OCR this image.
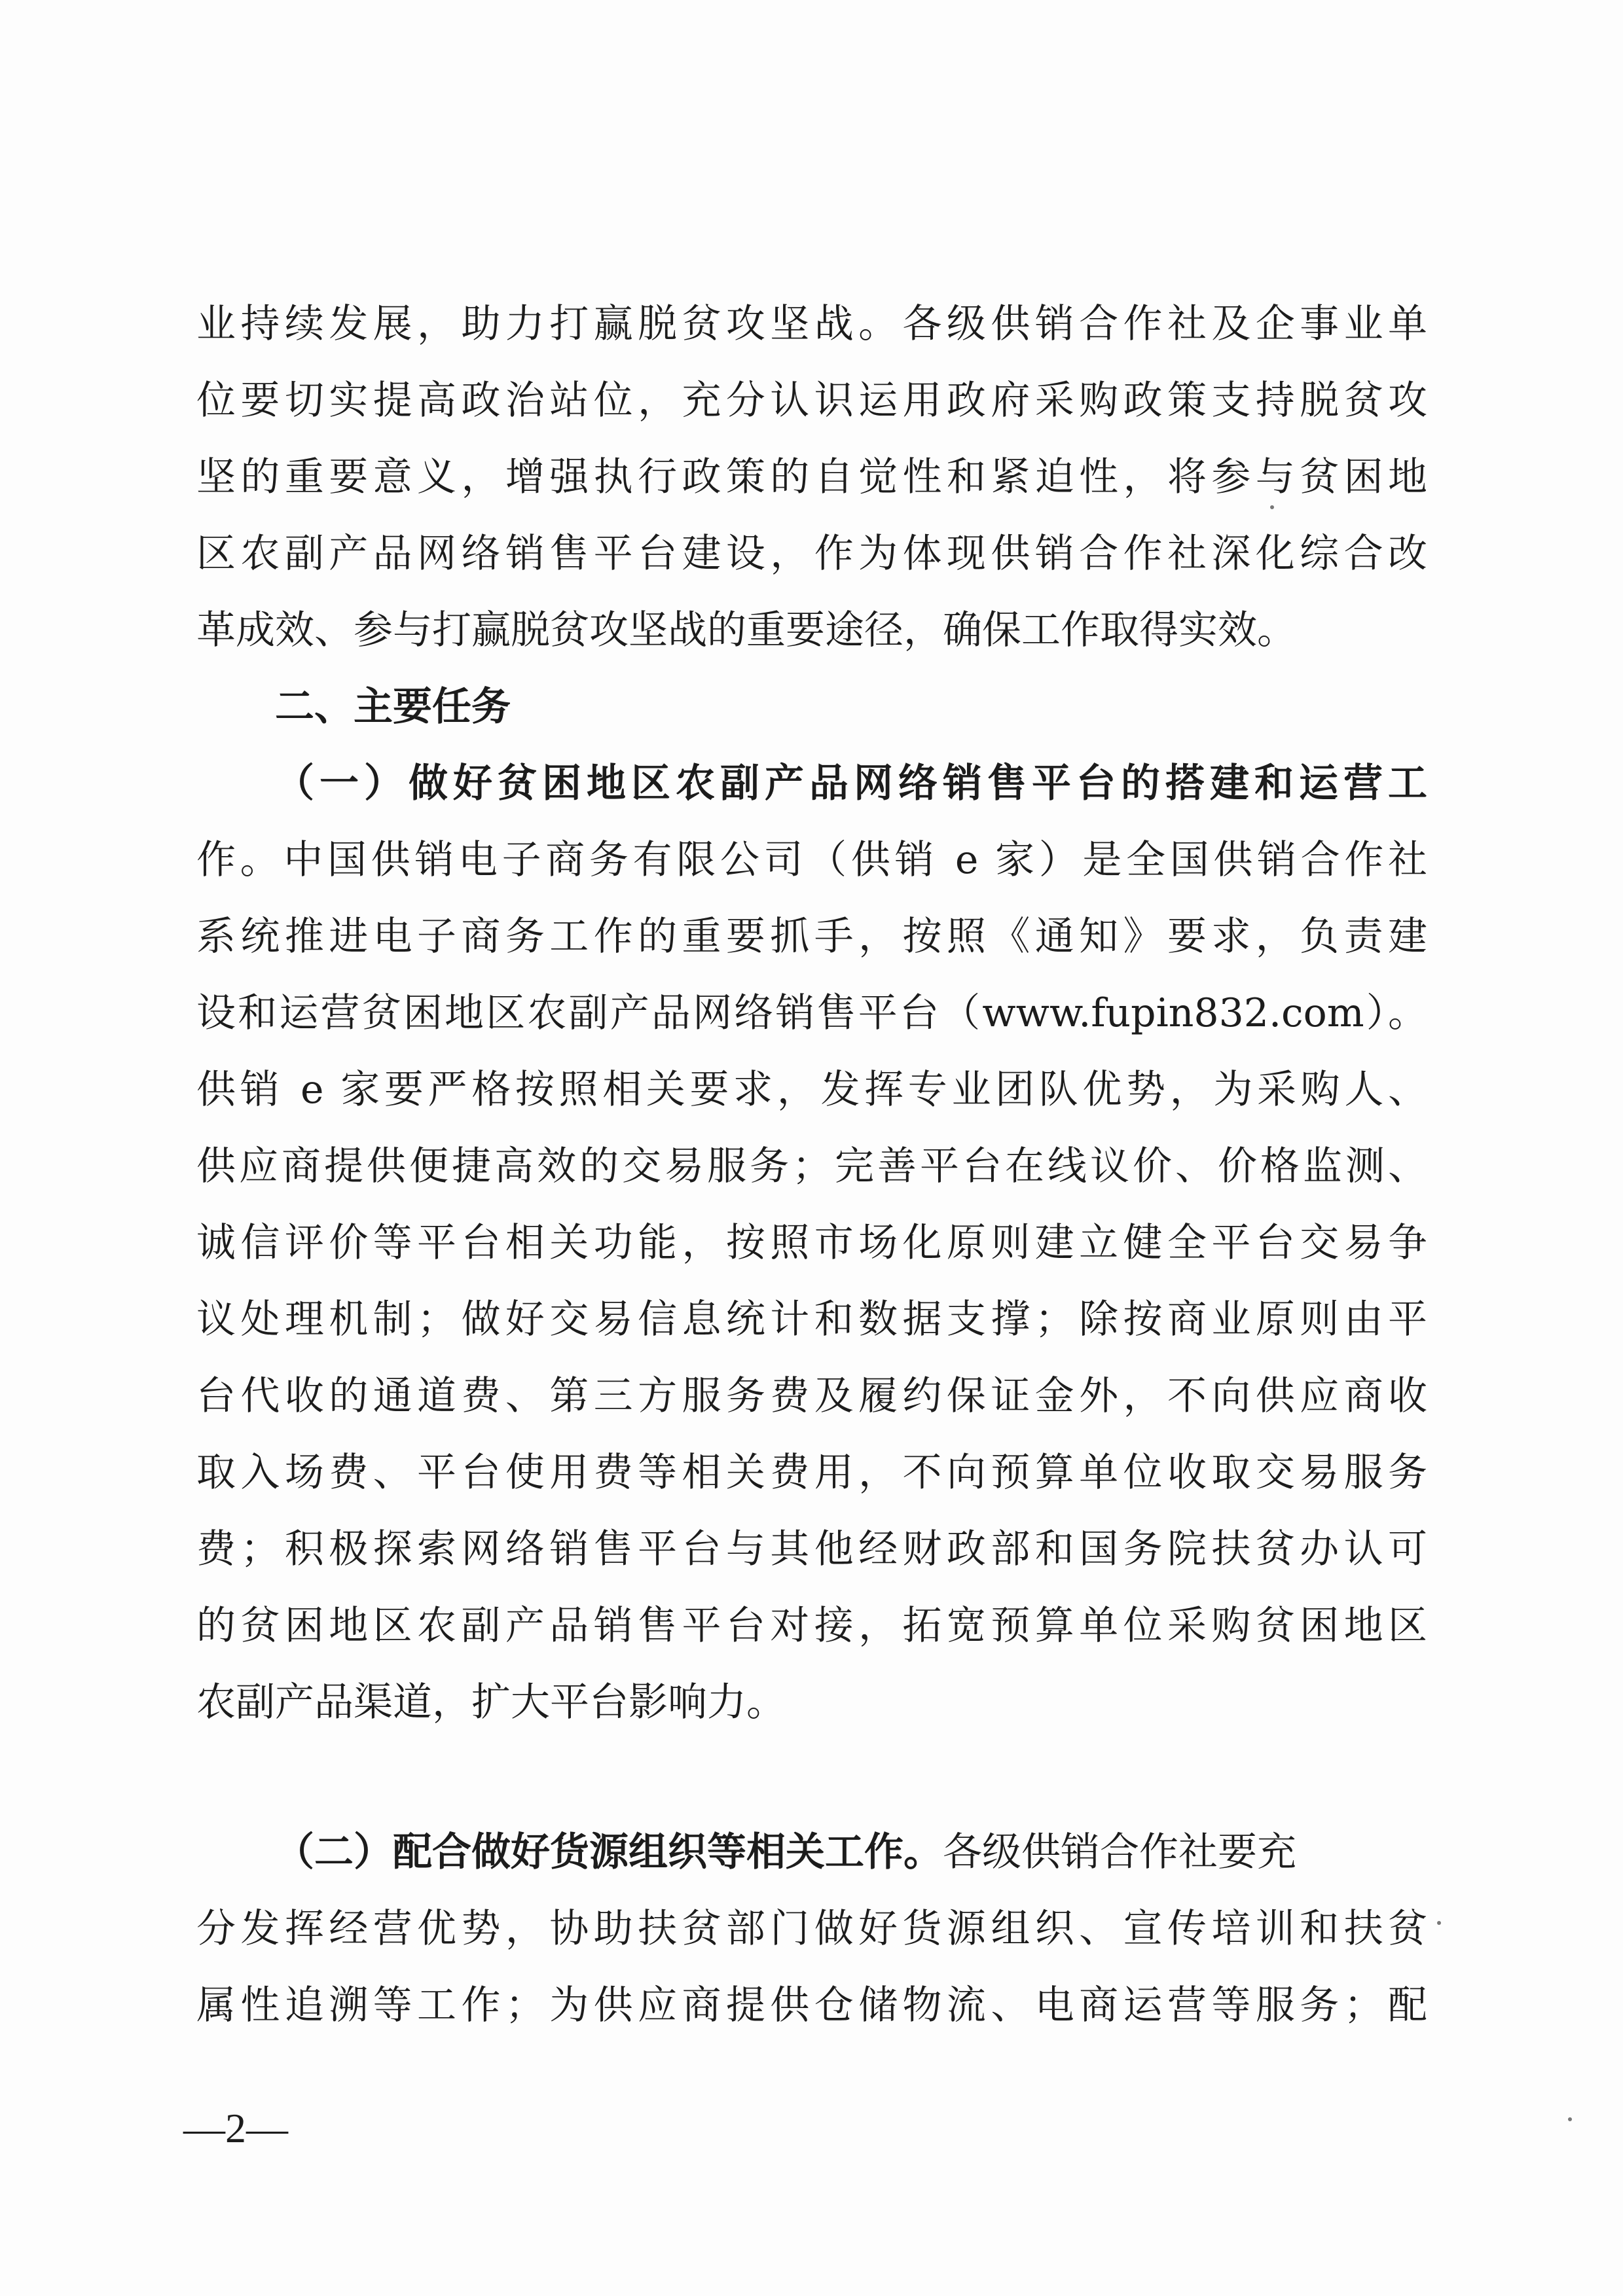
业持续发展，助力打赢脱贫攻坚战。各级供销合作社及企事业单
位要切实提高政治站位，充分认识运用政府采购政策支持脱贫攻
坚的重要意义，增强执行政策的自觉性和紧迫性，将参与贫困地
区农副产品网络销售平台建设，作为体现供销合作社深化综合改
革成效、参与打赢脱贫攻坚战的重要途径，确保工作取得实效。
二、主要任务
（一）做好贫困地区农副产品网络销售平台的搭建和运营工
作。中国供销电子商务有限公司（供销 e 家）是全国供销合作社
系统推进电子商务工作的重要抓手，按照《通知》要求，负责建
设和运营贫困地区农副产品网络销售平台（www.fupin832.com）。
供销 e 家要严格按照相关要求，发挥专业团队优势，为采购人、
供应商提供便捷高效的交易服务；完善平台在线议价、价格监测、
诚信评价等平台相关功能，按照市场化原则建立健全平台交易争
议处理机制；做好交易信息统计和数据支撑；除按商业原则由平
台代收的通道费、第三方服务费及履约保证金外，不向供应商收
取入场费、平台使用费等相关费用，不向预算单位收取交易服务
费；积极探索网络销售平台与其他经财政部和国务院扶贫办认可
的贫困地区农副产品销售平台对接，拓宽预算单位采购贫困地区
农副产品渠道，扩大平台影响力。
（二）配合做好货源组织等相关工作。各级供销合作社要充
分发挥经营优势，协助扶贫部门做好货源组织、宣传培训和扶贫
属性追溯等工作；为供应商提供仓储物流、电商运营等服务；配
—2—
